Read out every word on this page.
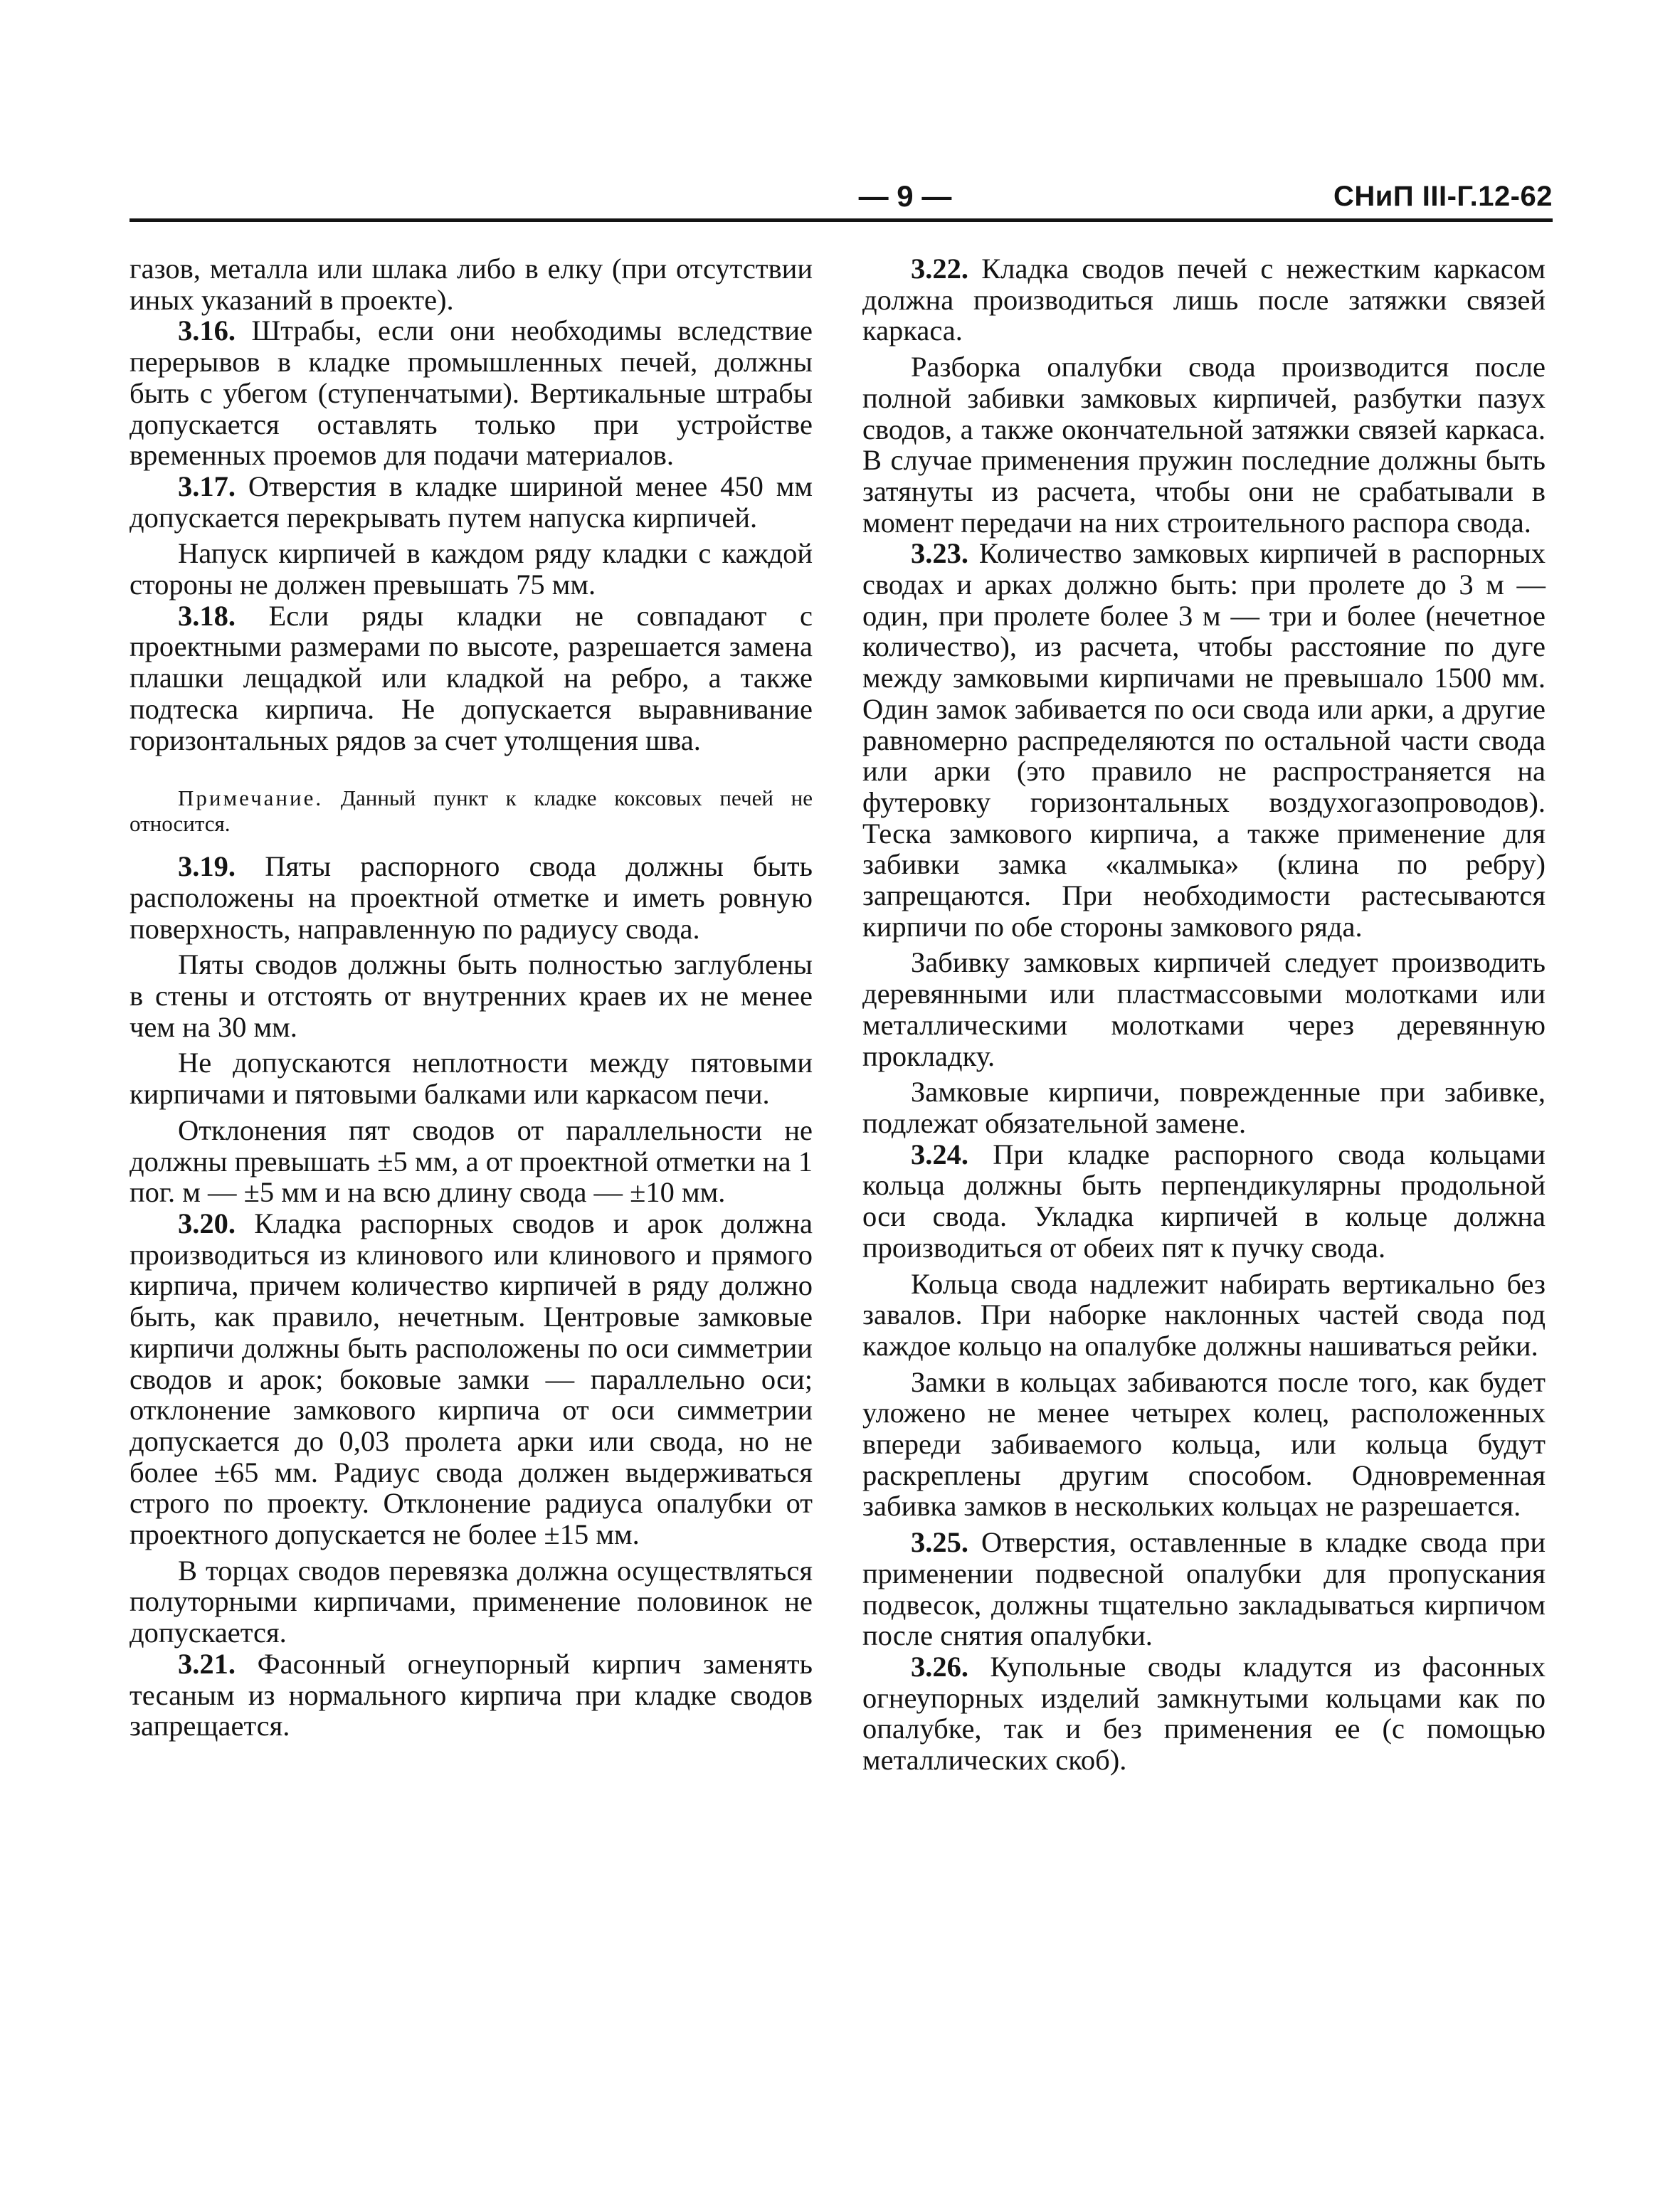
— 9 —	СНиП III-Г.12-62

газов, металла или шлака либо в елку (при отсутствии иных указаний в проекте).

3.16. Штрабы, если они необходимы вследствие перерывов в кладке промышленных печей, должны быть с убегом (ступенчатыми). Вертикальные штрабы допускается оставлять только при устройстве временных проемов для подачи материалов.

3.17. Отверстия в кладке шириной менее 450 мм допускается перекрывать путем напуска кирпичей.

Напуск кирпичей в каждом ряду кладки с каждой стороны не должен превышать 75 мм.

3.18. Если ряды кладки не совпадают с проектными размерами по высоте, разрешается замена плашки лещадкой или кладкой на ребро, а также подтеска кирпича. Не допускается выравнивание горизонтальных рядов за счет утолщения шва.

Примечание. Данный пункт к кладке коксовых печей не относится.

3.19. Пяты распорного свода должны быть расположены на проектной отметке и иметь ровную поверхность, направленную по радиусу свода.

Пяты сводов должны быть полностью заглублены в стены и отстоять от внутренних краев их не менее чем на 30 мм.

Не допускаются неплотности между пятовыми кирпичами и пятовыми балками или каркасом печи.

Отклонения пят сводов от параллельности не должны превышать ±5 мм, а от проектной отметки на 1 пог. м — ±5 мм и на всю длину свода — ±10 мм.

3.20. Кладка распорных сводов и арок должна производиться из клинового или клинового и прямого кирпича, причем количество кирпичей в ряду должно быть, как правило, нечетным. Центровые замковые кирпичи должны быть расположены по оси симметрии сводов и арок; боковые замки — параллельно оси; отклонение замкового кирпича от оси симметрии допускается до 0,03 пролета арки или свода, но не более ±65 мм. Радиус свода должен выдерживаться строго по проекту. Отклонение радиуса опалубки от проектного допускается не более ±15 мм.

В торцах сводов перевязка должна осуществляться полуторными кирпичами, применение половинок не допускается.

3.21. Фасонный огнеупорный кирпич заменять тесаным из нормального кирпича при кладке сводов запрещается.

3.22. Кладка сводов печей с нежестким каркасом должна производиться лишь после затяжки связей каркаса.

Разборка опалубки свода производится после полной забивки замковых кирпичей, разбутки пазух сводов, а также окончательной затяжки связей каркаса. В случае применения пружин последние должны быть затянуты из расчета, чтобы они не срабатывали в момент передачи на них строительного распора свода.

3.23. Количество замковых кирпичей в распорных сводах и арках должно быть: при пролете до 3 м — один, при пролете более 3 м — три и более (нечетное количество), из расчета, чтобы расстояние по дуге между замковыми кирпичами не превышало 1500 мм. Один замок забивается по оси свода или арки, а другие равномерно распределяются по остальной части свода или арки (это правило не распространяется на футеровку горизонтальных воздухогазопроводов). Теска замкового кирпича, а также применение для забивки замка «калмыка» (клина по ребру) запрещаются. При необходимости растесываются кирпичи по обе стороны замкового ряда.

Забивку замковых кирпичей следует производить деревянными или пластмассовыми молотками или металлическими молотками через деревянную прокладку.

Замковые кирпичи, поврежденные при забивке, подлежат обязательной замене.

3.24. При кладке распорного свода кольцами кольца должны быть перпендикулярны продольной оси свода. Укладка кирпичей в кольце должна производиться от обеих пят к пучку свода.

Кольца свода надлежит набирать вертикально без завалов. При наборке наклонных частей свода под каждое кольцо на опалубке должны нашиваться рейки.

Замки в кольцах забиваются после того, как будет уложено не менее четырех колец, расположенных впереди забиваемого кольца, или кольца будут раскреплены другим способом. Одновременная забивка замков в нескольких кольцах не разрешается.

3.25. Отверстия, оставленные в кладке свода при применении подвесной опалубки для пропускания подвесок, должны тщательно закладываться кирпичом после снятия опалубки.

3.26. Купольные своды кладутся из фасонных огнеупорных изделий замкнутыми кольцами как по опалубке, так и без применения ее (с помощью металлических скоб).
